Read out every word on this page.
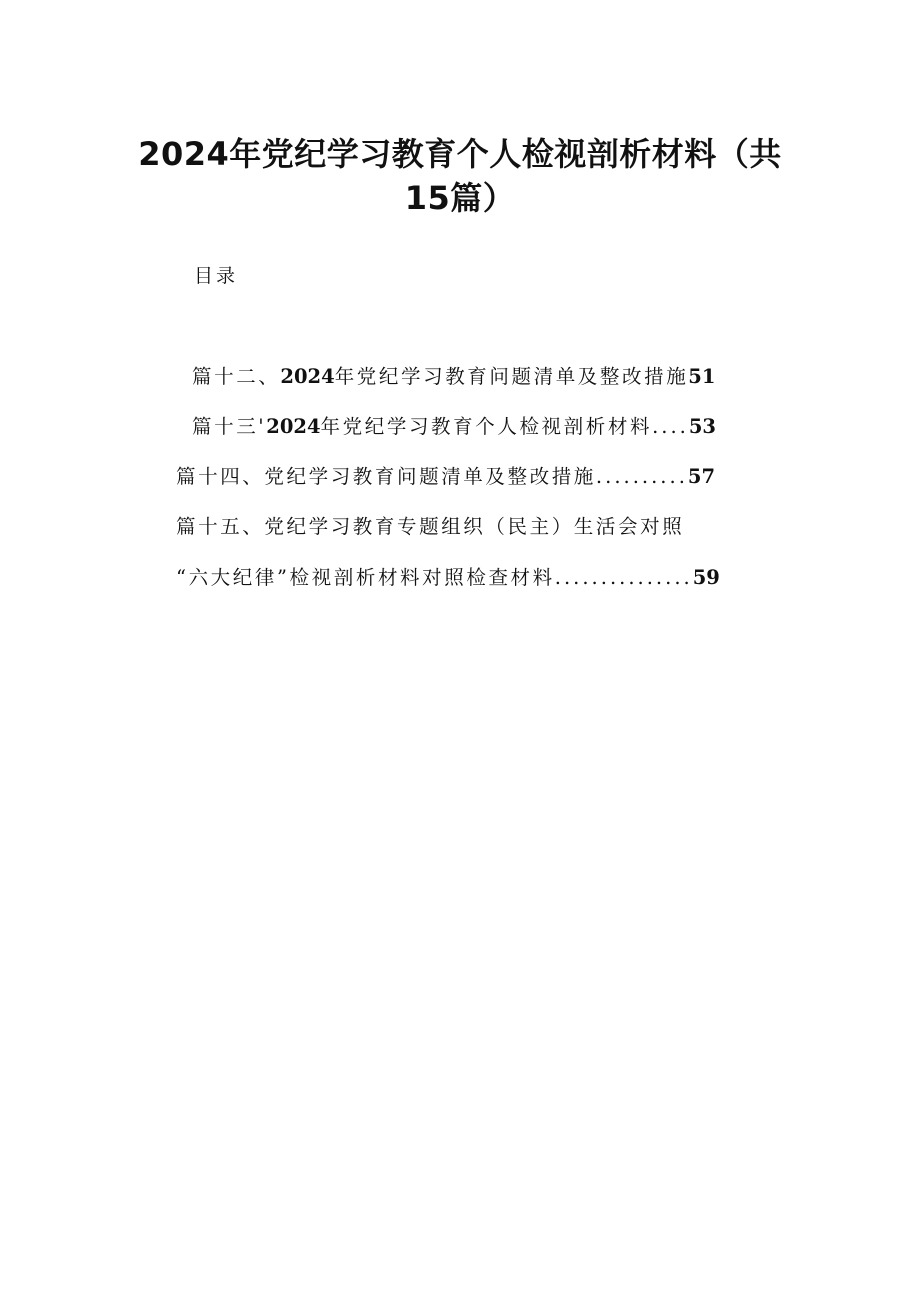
2024年党纪学习教育个人检视剖析材料（共
15篇）
目录
篇十二、2024年党纪学习教育问题清单及整改措施51
篇十三'2024年党纪学习教育个人检视剖析材料....53
篇十四、党纪学习教育问题清单及整改措施..........57
篇十五、党纪学习教育专题组织（民主）生活会对照
“六大纪律”检视剖析材料对照检查材料...............59
